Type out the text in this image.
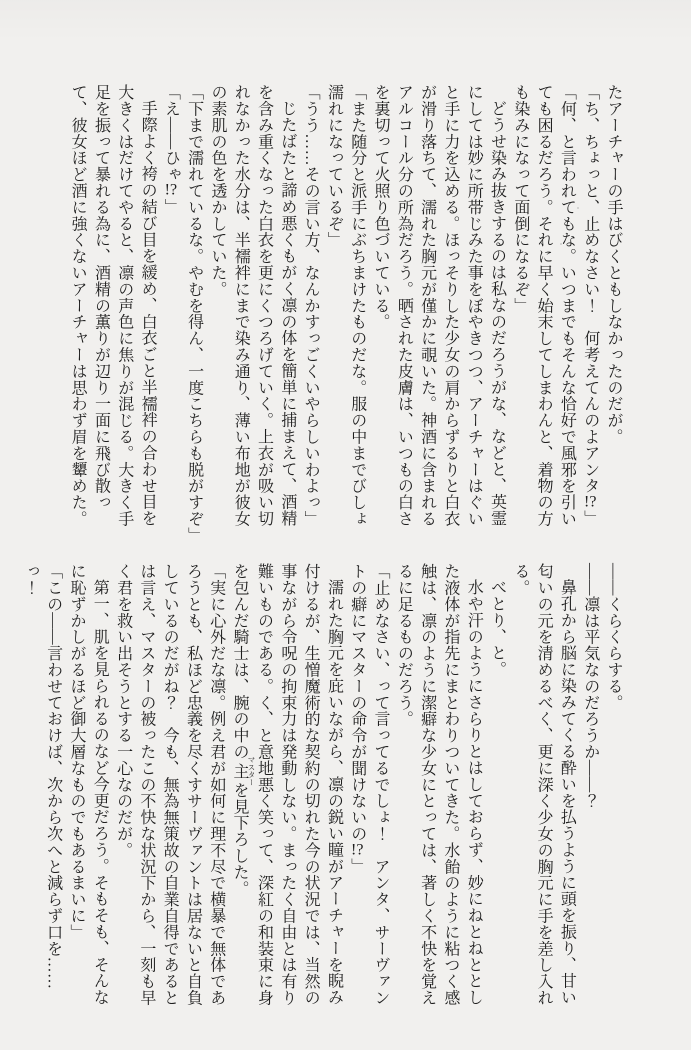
たアーチャーの手はびくともしなかったのだが。

「ち、ちょっと、止めなさい！　何考えてんのよアンタ!?」

「何、と言われてもな。いつまでもそんな恰好で風邪を引いても困るだろう。それに早く始末してしまわんと、着物の方も染みになって面倒になるぞ」

どうせ染み抜きするのは私なのだろうがな、などと、英霊にしては妙に所帯じみた事をぼやきつつ、アーチャーはぐいと手に力を込める。ほっそりした少女の肩からずるりと白衣が滑り落ちて、濡れた胸元が僅かに覗いた。神酒に含まれるアルコール分の所為だろう。晒された皮膚は、いつもの白さを裏切って火照り色づいている。

「また随分と派手にぶちまけたものだな。服の中までびしょ濡れになっているぞ」

「うう……その言い方、なんかすっごくいやらしいわよっ」

じたばたと諦め悪くもがく凛の体を簡単に捕まえて、酒精を含み重くなった白衣を更にくつろげていく。上衣が吸い切れなかった水分は、半襦袢にまで染み通り、薄い布地が彼女の素肌の色を透かしていた。

「下まで濡れているな。やむを得ん、一度こちらも脱がすぞ」

「え――ひゃ!?」

手際よく袴の結び目を緩め、白衣ごと半襦袢の合わせ目を大きくはだけてやると、凛の声色に焦りが混じる。大きく手足を振って暴れる為に、酒精の薫りが辺り一面に飛び散って、彼女ほど酒に強くないアーチャーは思わず眉を顰めた。

――くらくらする。

――凛は平気なのだろうか――？

鼻孔から脳に染みてくる酔いを払うように頭を振り、甘い匂いの元を清めるべく、更に深く少女の胸元に手を差し入れる。

べとり、と。

水や汗のようにさらりとはしておらず、妙にねとねととした液体が指先にまとわりついてきた。水飴のように粘つく感触は、凛のように潔癖な少女にとっては、著しく不快を覚えるに足るものだろう。

「止めなさい、って言ってるでしょ！　アンタ、サーヴァントの癖にマスターの命令が聞けないの!?」

濡れた胸元を庇いながら、凛の鋭い瞳がアーチャーを睨み付けるが、生憎魔術的な契約の切れた今の状況では、当然の事ながら令呪の拘束力は発動しない。まったく自由とは有り難いものである。く、と意地悪く笑って、深紅の和装束に身を包んだ騎士は、腕の中の主 マスターを見下ろした。

「実に心外だな凛。例え君が如何に理不尽で横暴で無体であろうとも、私ほど忠義を尽くすサーヴァントは居ないと自負しているのだがね？　今も、無為無策故の自業自得であるとは言え、マスターの被ったこの不快な状況下から、一刻も早く君を救い出そうとする一心なのだが。

第一、肌を見られるのなど今更だろう。そもそも、そんなに恥ずかしがるほど御大層なものでもあるまいに」

「この――言わせておけば、次から次へと減らず口を……っ！
